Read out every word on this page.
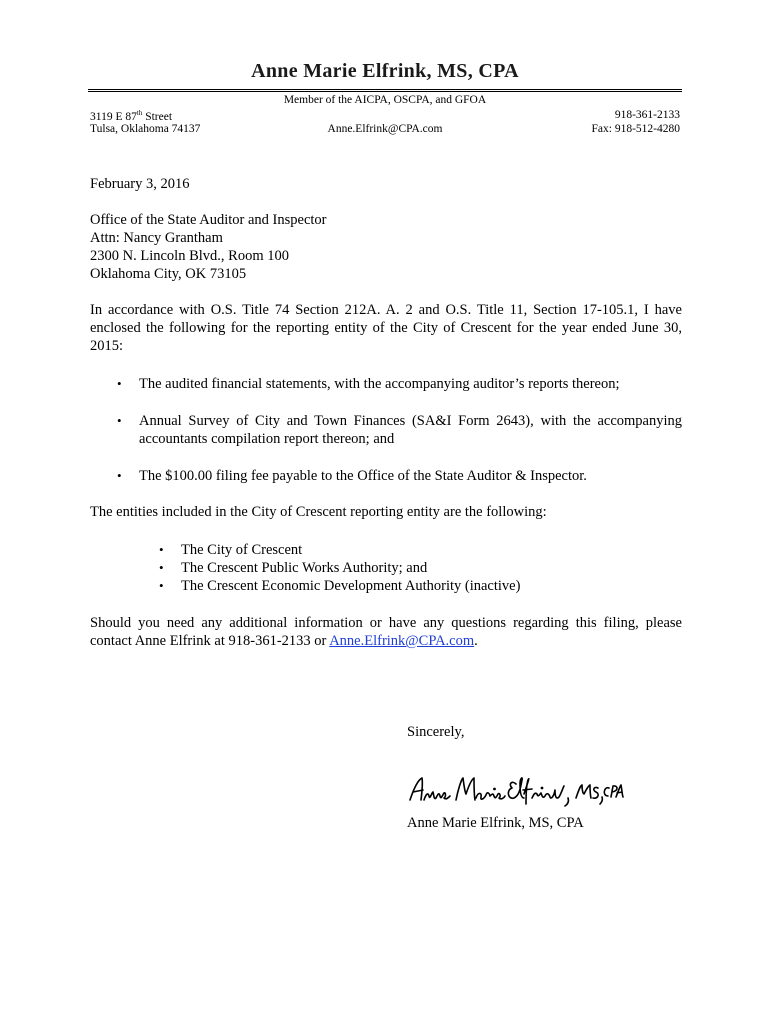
Anne Marie Elfrink, MS, CPA
Member of the AICPA, OSCPA, and GFOA
3119 E 87th Street
Tulsa, Oklahoma 74137	Anne.Elfrink@CPA.com
918-361-2133
Fax: 918-512-4280
February 3, 2016
Office of the State Auditor and Inspector
Attn: Nancy Grantham
2300 N. Lincoln Blvd., Room 100
Oklahoma City, OK 73105
In accordance with O.S. Title 74 Section 212A. A. 2 and O.S. Title 11, Section 17-105.1, I have enclosed the following for the reporting entity of the City of Crescent for the year ended June 30, 2015:
• The audited financial statements, with the accompanying auditor’s reports thereon;
• Annual Survey of City and Town Finances (SA&I Form 2643), with the accompanying accountants compilation report thereon; and
• The $100.00 filing fee payable to the Office of the State Auditor & Inspector.
The entities included in the City of Crescent reporting entity are the following:
• The City of Crescent
• The Crescent Public Works Authority; and
• The Crescent Economic Development Authority (inactive)
Should you need any additional information or have any questions regarding this filing, please contact Anne Elfrink at 918-361-2133 or Anne.Elfrink@CPA.com.
Sincerely,
Anne Marie Elfrink, MS, CPA
